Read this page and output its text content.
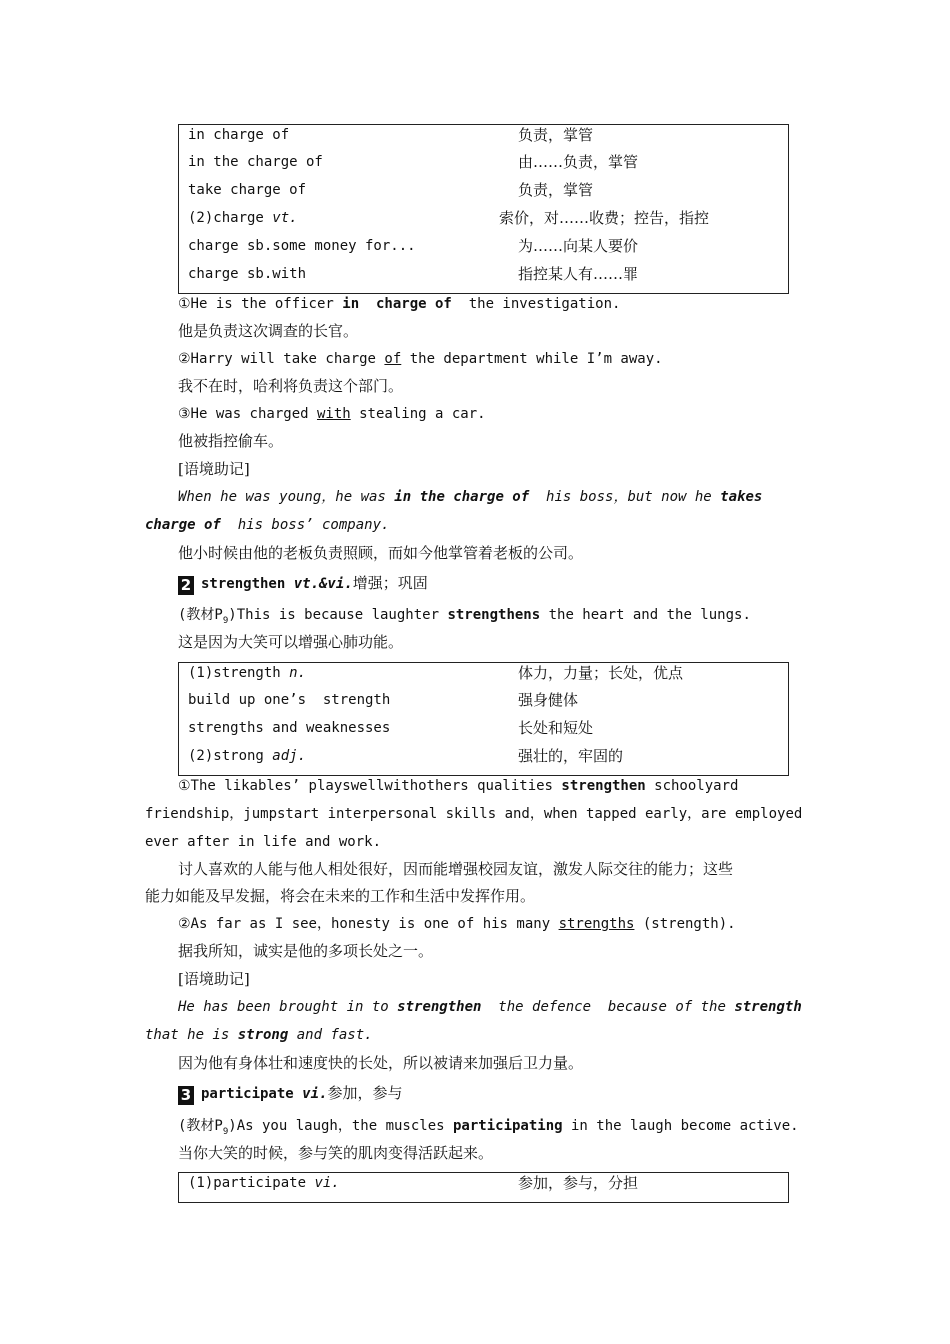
in charge of	负责，掌管
in the charge of	由……负责，掌管
take charge of	负责，掌管
(2)charge vt.	索价，对……收费；控告，指控
charge sb.some money for...	为……向某人要价
charge sb.with	指控某人有……罪
①He is the officer in charge of  the investigation.
他是负责这次调查的长官。
②Harry will take charge of the department while I’m away.
我不在时，哈利将负责这个部门。
③He was charged with stealing a car.
他被指控偷车。
[语境助记]
When he was young，he was in the charge of  his boss，but now he takes
charge of  his boss’ company.
他小时候由他的老板负责照顾，而如今他掌管着老板的公司。
2 strengthen vt.&vi.增强；巩固
(教材$P_9)This$ is because laughter strengthens the heart and the lungs.
这是因为大笑可以增强心肺功能。
(1)strength n.	体力，力量；长处，优点
build up one’s  strength	强身健体
strengths and weaknesses	长处和短处
(2)strong adj.	强壮的，牢固的
①The likables’ playswellwithothers qualities strengthen schoolyard
friendship，jumpstart interpersonal skills and，when tapped early，are employed
ever after in life and work.
讨人喜欢的人能与他人相处很好，因而能增强校园友谊，激发人际交往的能力；这些
能力如能及早发掘，将会在未来的工作和生活中发挥作用。
②As far as I see，honesty is one of his many strengths (strength).
据我所知，诚实是他的多项长处之一。
[语境助记]
He has been brought in to strengthen  the defence  because of the strength
that he is strong and fast.
因为他有身体壮和速度快的长处，所以被请来加强后卫力量。
3 participate vi.参加，参与
(教材$P_9)As$ you laugh，the muscles participating in the laugh become active.
当你大笑的时候，参与笑的肌肉变得活跃起来。
(1)participate vi.	参加，参与，分担
